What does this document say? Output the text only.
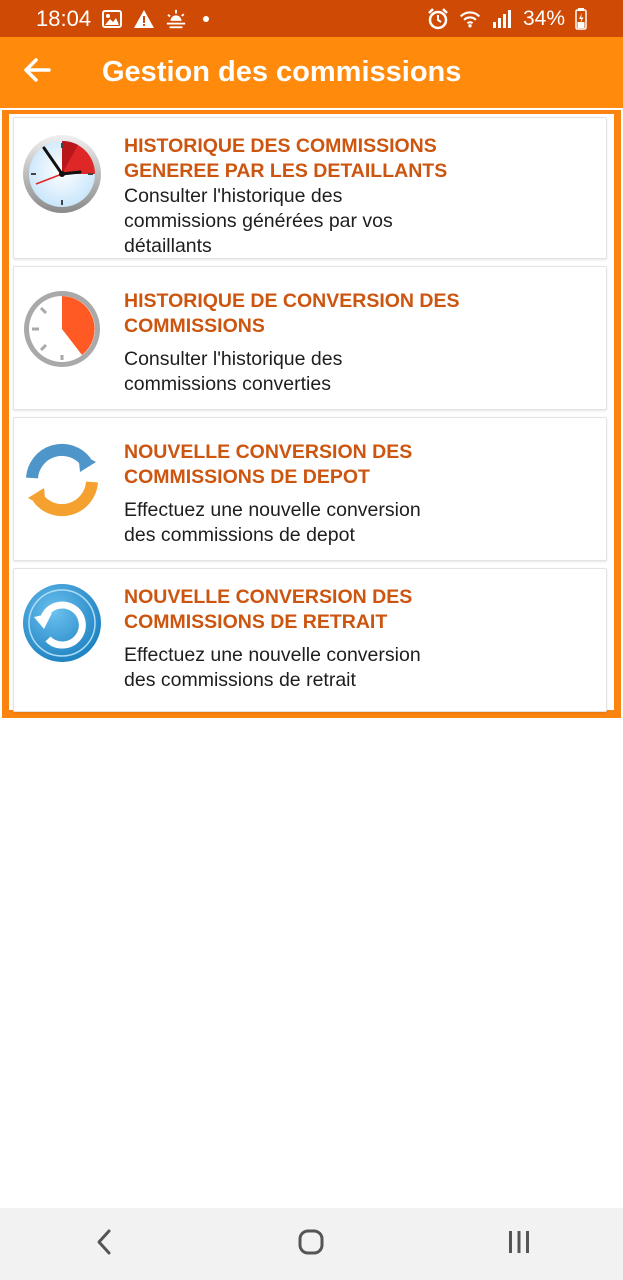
18:04	34%
Gestion des commissions
HISTORIQUE DES COMMISSIONS
GENEREE PAR LES DETAILLANTS
Consulter l'historique des
commissions générées par vos
détaillants
HISTORIQUE DE CONVERSION DES
COMMISSIONS
Consulter l'historique des
commissions converties
NOUVELLE CONVERSION DES
COMMISSIONS DE DEPOT
Effectuez une nouvelle conversion
des commissions de depot
NOUVELLE CONVERSION DES
COMMISSIONS DE RETRAIT
Effectuez une nouvelle conversion
des commissions de retrait
